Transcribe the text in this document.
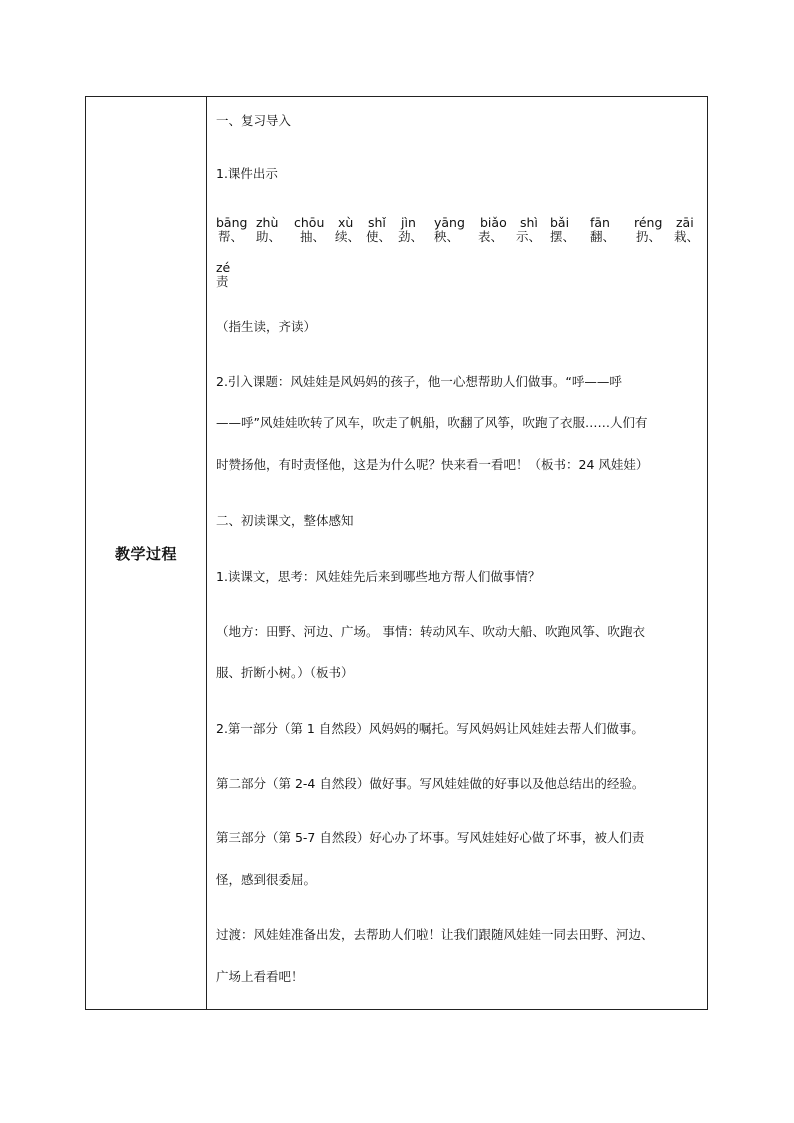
教学过程
一、复习导入
1.课件出示
bāng
帮、
zhù
助、
chōu
抽、
xù
续、
shǐ
使、
jìn
劲、
yāng
秧、
biǎo
表、
shì
示、
bǎi
摆、
fān
翻、
réng
扔、
zāi
栽、
zé
责
（指生读，齐读）
2.引入课题：风娃娃是风妈妈的孩子，他一心想帮助人们做事。“呼——呼
——呼”风娃娃吹转了风车，吹走了帆船，吹翻了风筝，吹跑了衣服……人们有
时赞扬他，有时责怪他，这是为什么呢？快来看一看吧！（板书：24 风娃娃）
二、初读课文，整体感知
1.读课文，思考：风娃娃先后来到哪些地方帮人们做事情？
（地方：田野、河边、广场。 事情：转动风车、吹动大船、吹跑风筝、吹跑衣
服、折断小树。）（板书）
2.第一部分（第 1 自然段）风妈妈的嘱托。写风妈妈让风娃娃去帮人们做事。
第二部分（第 2-4 自然段）做好事。写风娃娃做的好事以及他总结出的经验。
第三部分（第 5-7 自然段）好心办了坏事。写风娃娃好心做了坏事，被人们责
怪，感到很委屈。
过渡：风娃娃准备出发，去帮助人们啦！让我们跟随风娃娃一同去田野、河边、
广场上看看吧！
